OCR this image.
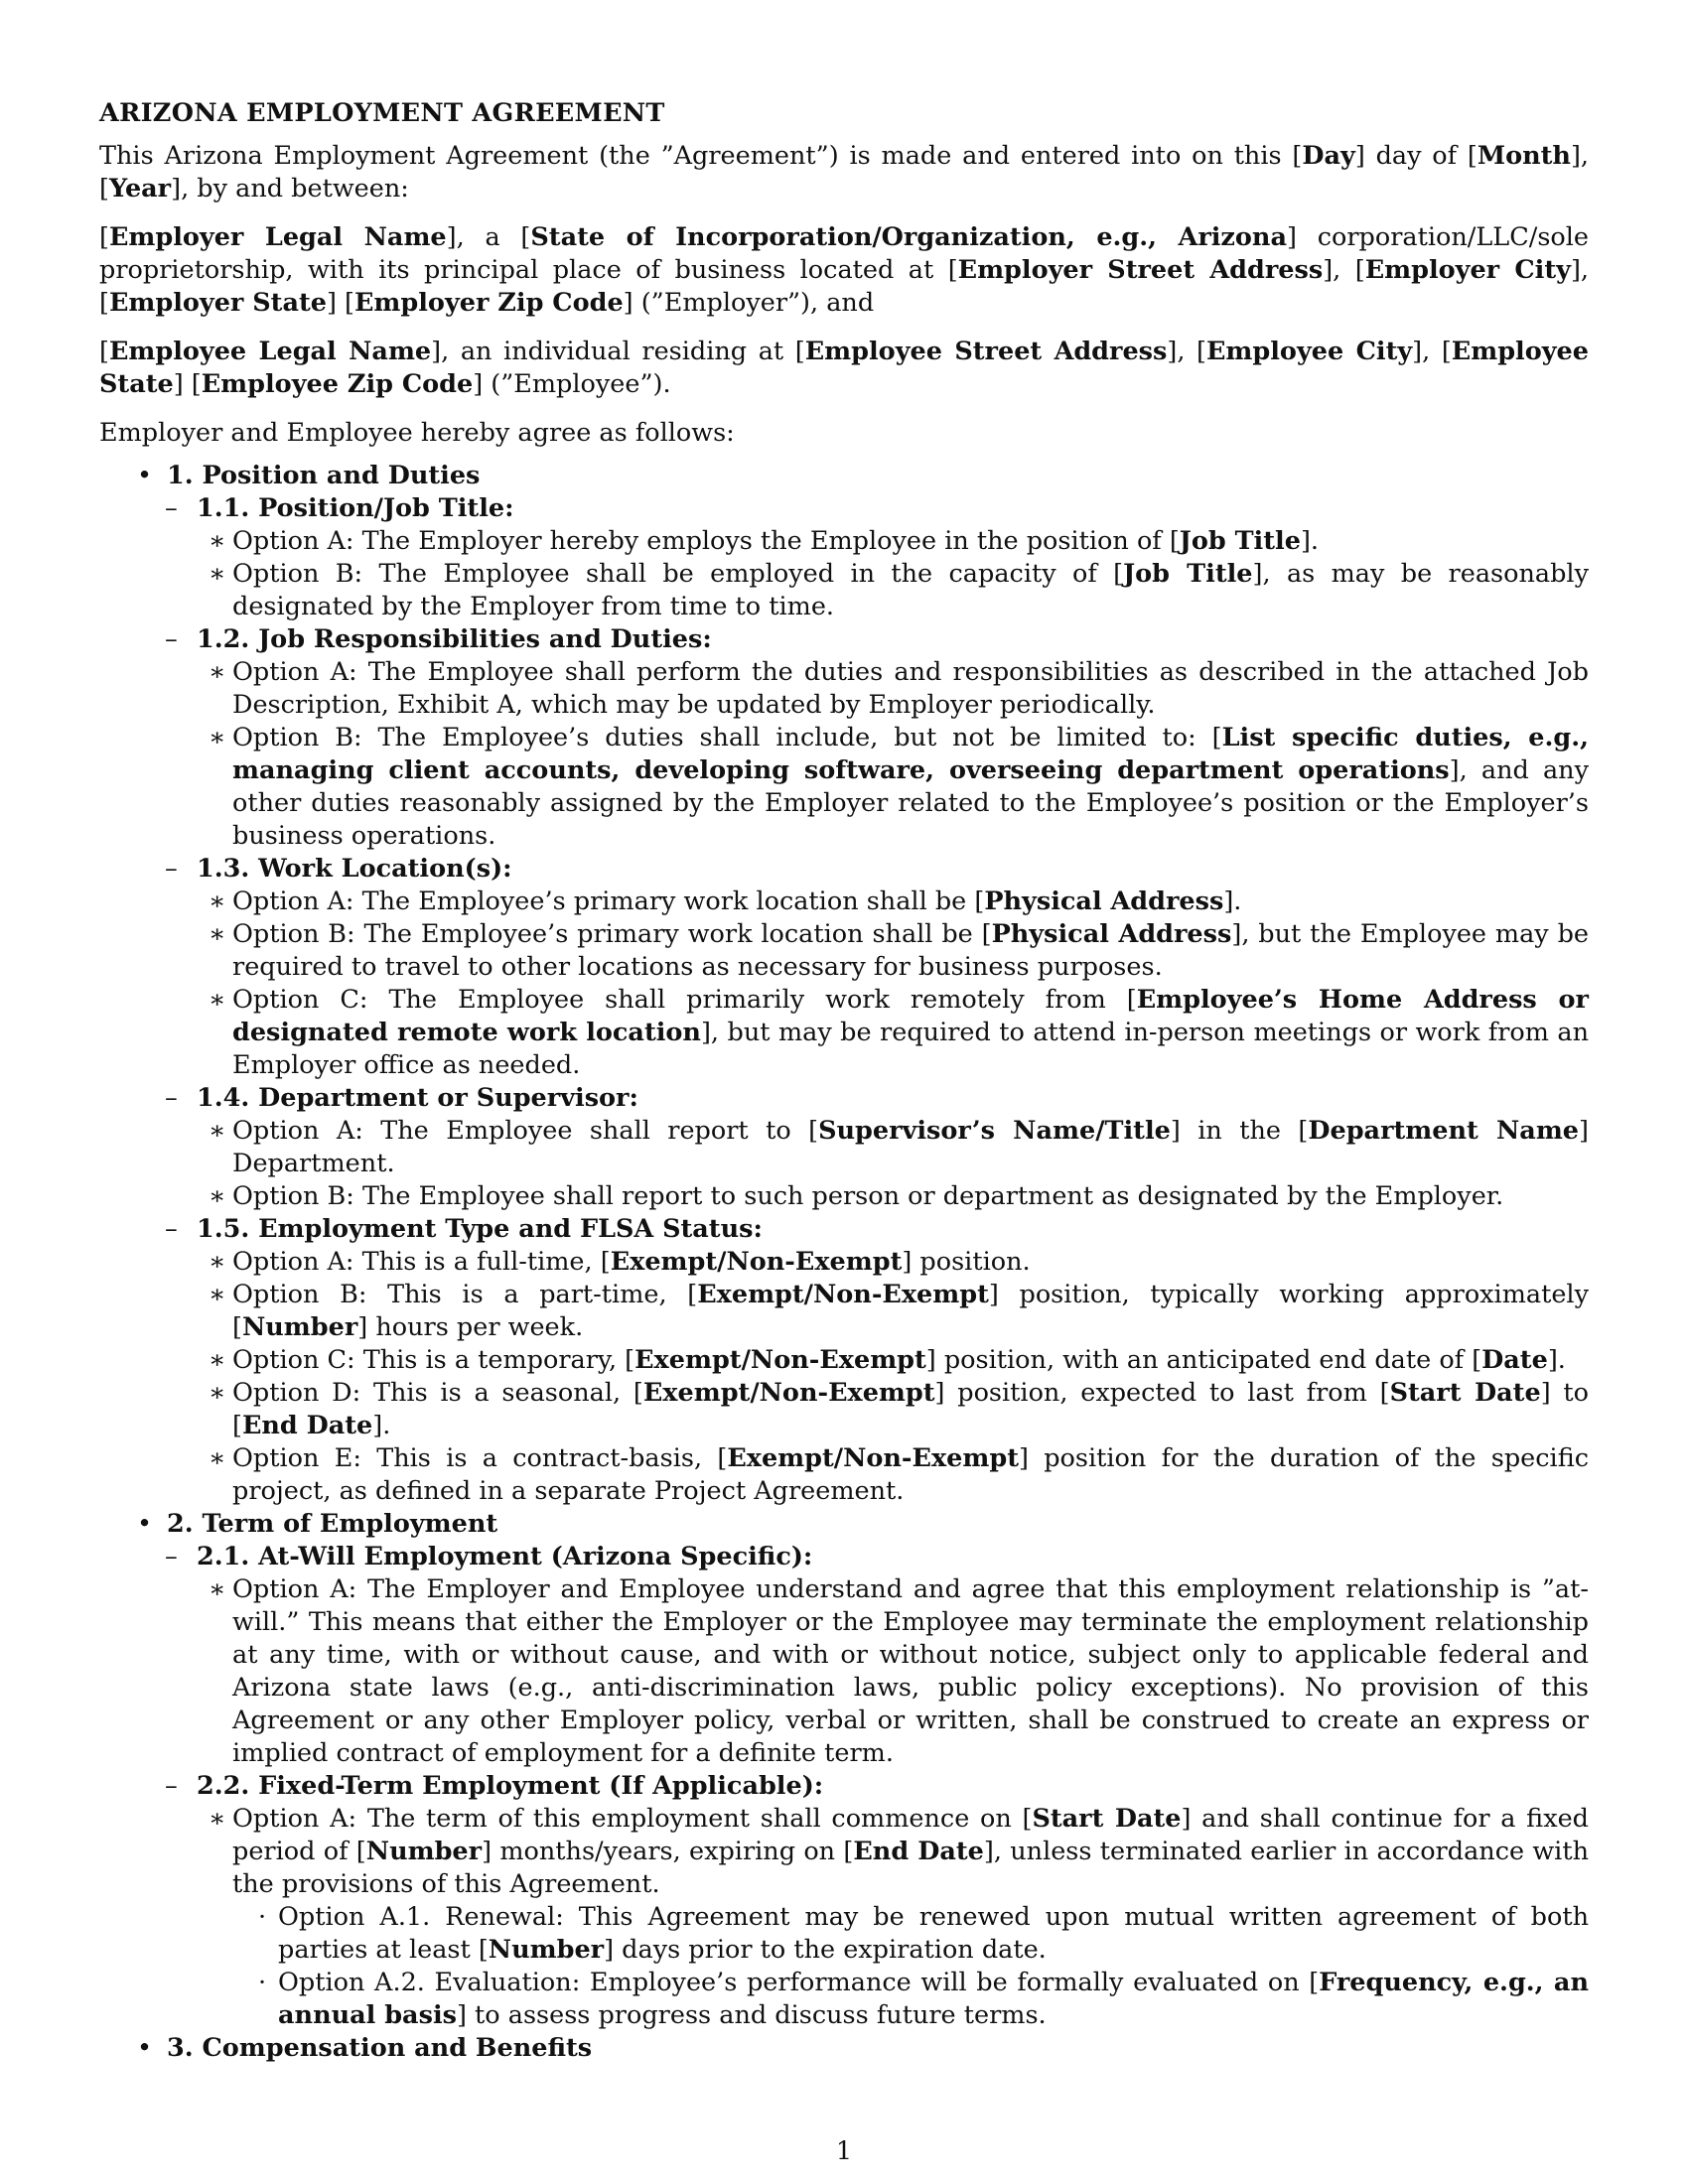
ARIZONA EMPLOYMENT AGREEMENT

This Arizona Employment Agreement (the ”Agreement”) is made and entered into on this [Day] day of [Month], [Year], by and between:

[Employer Legal Name], a [State of Incorporation/Organization, e.g., Arizona] corporation/LLC/sole proprietorship, with its principal place of business located at [Employer Street Address], [Employer City], [Employer State] [Employer Zip Code] (”Employer”), and

[Employee Legal Name], an individual residing at [Employee Street Address], [Employee City], [Employee State] [Employee Zip Code] (”Employee”).

Employer and Employee hereby agree as follows:

• 1. Position and Duties
– 1.1. Position/Job Title:
∗ Option A: The Employer hereby employs the Employee in the position of [Job Title].
∗ Option B: The Employee shall be employed in the capacity of [Job Title], as may be reasonably designated by the Employer from time to time.
– 1.2. Job Responsibilities and Duties:
∗ Option A: The Employee shall perform the duties and responsibilities as described in the attached Job Description, Exhibit A, which may be updated by Employer periodically.
∗ Option B: The Employee’s duties shall include, but not be limited to: [List specific duties, e.g., managing client accounts, developing software, overseeing department operations], and any other duties reasonably assigned by the Employer related to the Employee’s position or the Employer’s business operations.
– 1.3. Work Location(s):
∗ Option A: The Employee’s primary work location shall be [Physical Address].
∗ Option B: The Employee’s primary work location shall be [Physical Address], but the Employee may be required to travel to other locations as necessary for business purposes.
∗ Option C: The Employee shall primarily work remotely from [Employee’s Home Address or designated remote work location], but may be required to attend in-person meetings or work from an Employer office as needed.
– 1.4. Department or Supervisor:
∗ Option A: The Employee shall report to [Supervisor’s Name/Title] in the [Department Name] Department.
∗ Option B: The Employee shall report to such person or department as designated by the Employer.
– 1.5. Employment Type and FLSA Status:
∗ Option A: This is a full-time, [Exempt/Non-Exempt] position.
∗ Option B: This is a part-time, [Exempt/Non-Exempt] position, typically working approximately [Number] hours per week.
∗ Option C: This is a temporary, [Exempt/Non-Exempt] position, with an anticipated end date of [Date].
∗ Option D: This is a seasonal, [Exempt/Non-Exempt] position, expected to last from [Start Date] to [End Date].
∗ Option E: This is a contract-basis, [Exempt/Non-Exempt] position for the duration of the specific project, as defined in a separate Project Agreement.
• 2. Term of Employment
– 2.1. At-Will Employment (Arizona Specific):
∗ Option A: The Employer and Employee understand and agree that this employment relationship is ”at-will.” This means that either the Employer or the Employee may terminate the employment relationship at any time, with or without cause, and with or without notice, subject only to applicable federal and Arizona state laws (e.g., anti-discrimination laws, public policy exceptions). No provision of this Agreement or any other Employer policy, verbal or written, shall be construed to create an express or implied contract of employment for a definite term.
– 2.2. Fixed-Term Employment (If Applicable):
∗ Option A: The term of this employment shall commence on [Start Date] and shall continue for a fixed period of [Number] months/years, expiring on [End Date], unless terminated earlier in accordance with the provisions of this Agreement.
· Option A.1. Renewal: This Agreement may be renewed upon mutual written agreement of both parties at least [Number] days prior to the expiration date.
· Option A.2. Evaluation: Employee’s performance will be formally evaluated on [Frequency, e.g., an annual basis] to assess progress and discuss future terms.
• 3. Compensation and Benefits
1
